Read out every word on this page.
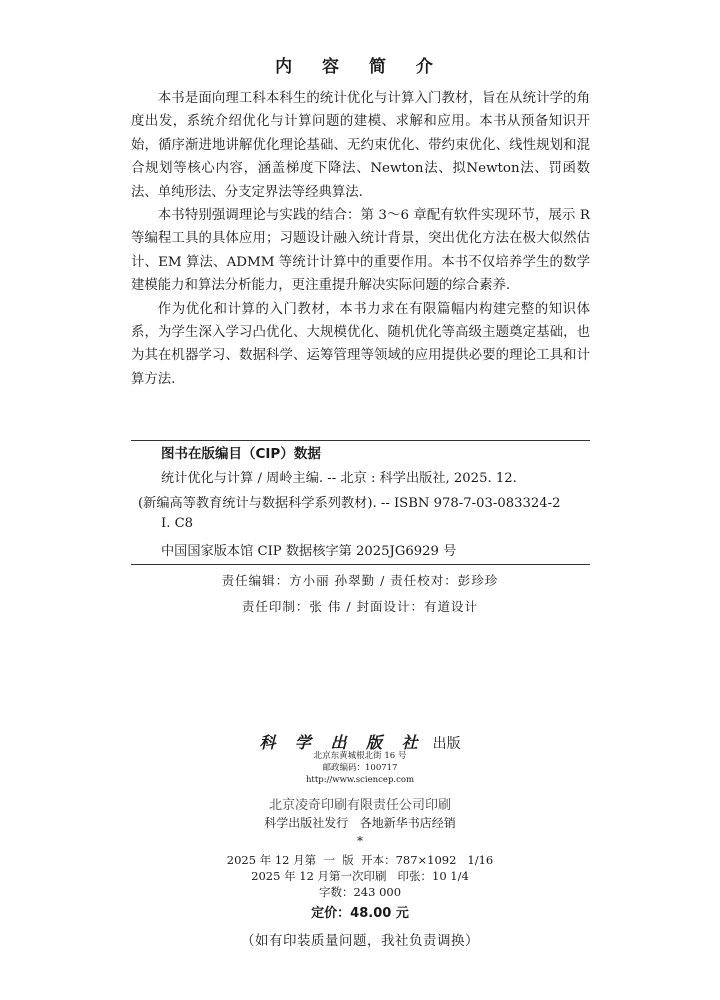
内 容 简 介

本书是面向理工科本科生的统计优化与计算入门教材，旨在从统计学的角度出发，系统介绍优化与计算问题的建模、求解和应用。本书从预备知识开始，循序渐进地讲解优化理论基础、无约束优化、带约束优化、线性规划和混合规划等核心内容，涵盖梯度下降法、Newton法、拟Newton法、罚函数法、单纯形法、分支定界法等经典算法.

本书特别强调理论与实践的结合：第 3～6 章配有软件实现环节，展示 R 等编程工具的具体应用；习题设计融入统计背景，突出优化方法在极大似然估计、EM 算法、ADMM 等统计计算中的重要作用。本书不仅培养学生的数学建模能力和算法分析能力，更注重提升解决实际问题的综合素养.

作为优化和计算的入门教材，本书力求在有限篇幅内构建完整的知识体系，为学生深入学习凸优化、大规模优化、随机优化等高级主题奠定基础，也为其在机器学习、数据科学、运筹管理等领域的应用提供必要的理论工具和计算方法.

图书在版编目（CIP）数据
统计优化与计算 / 周岭主编. -- 北京 : 科学出版社, 2025. 12.
(新编高等教育统计与数据科学系列教材). -- ISBN 978-7-03-083324-2
Ⅰ. C8
中国国家版本馆 CIP 数据核字第 2025JG6929 号
责任编辑：方小丽 孙翠勤 / 责任校对：彭珍珍
责任印制：张 伟 / 封面设计：有道设计
科 学 出 版 社 出版
北京东黄城根北街 16 号
邮政编码：100717
http://www.sciencep.com
北京凌奇印刷有限责任公司印刷
科学出版社发行   各地新华书店经销
*
2025 年 12 月第  一  版  开本：787×1092   1/16
2025 年 12 月第一次印刷   印张：10 1/4
字数：243 000
定价：48.00 元
（如有印装质量问题，我社负责调换）
